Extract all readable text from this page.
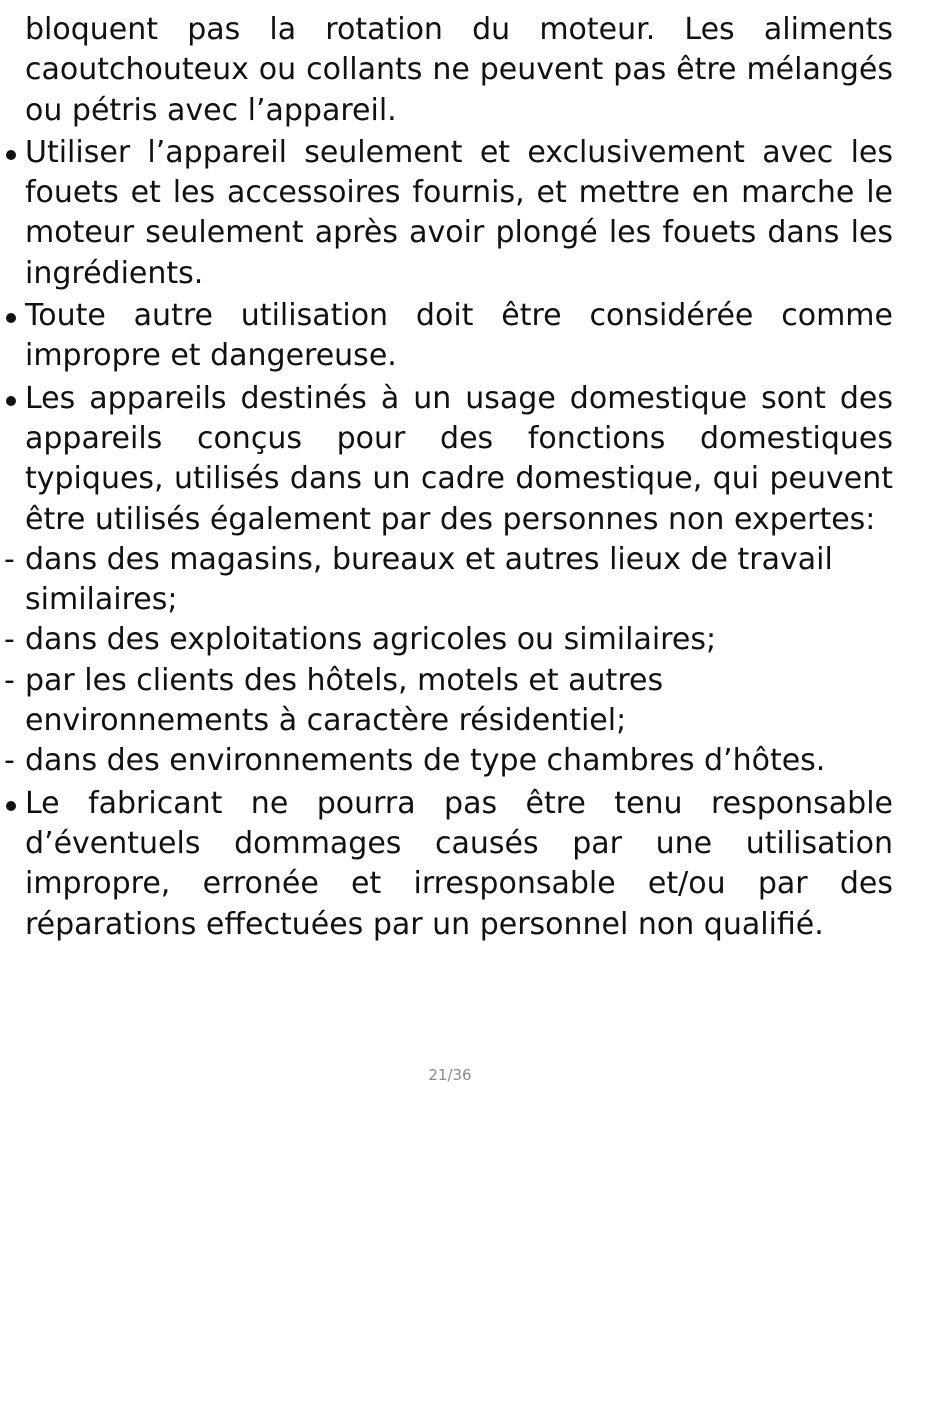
bloquent pas la rotation du moteur. Les aliments caoutchouteux ou collants ne peuvent pas être mélangés ou pétris avec l’appareil.

Utiliser l’appareil seulement et exclusivement avec les fouets et les accessoires fournis, et mettre en marche le moteur seulement après avoir plongé les fouets dans les ingrédients.
Toute autre utilisation doit être considérée comme impropre et dangereuse.
Les appareils destinés à un usage domestique sont des appareils conçus pour des fonctions domestiques typiques, utilisés dans un cadre domestique, qui peuvent être utilisés également par des personnes non expertes:
- dans des magasins, bureaux et autres lieux de travail similaires;
- dans des exploitations agricoles ou similaires;
- par les clients des hôtels, motels et autres environnements à caractère résidentiel;
- dans des environnements de type chambres d’hôtes.
Le fabricant ne pourra pas être tenu responsable d’éventuels dommages causés par une utilisation impropre, erronée et irresponsable et/ou par des réparations effectuées par un personnel non qualifié.
21/36
